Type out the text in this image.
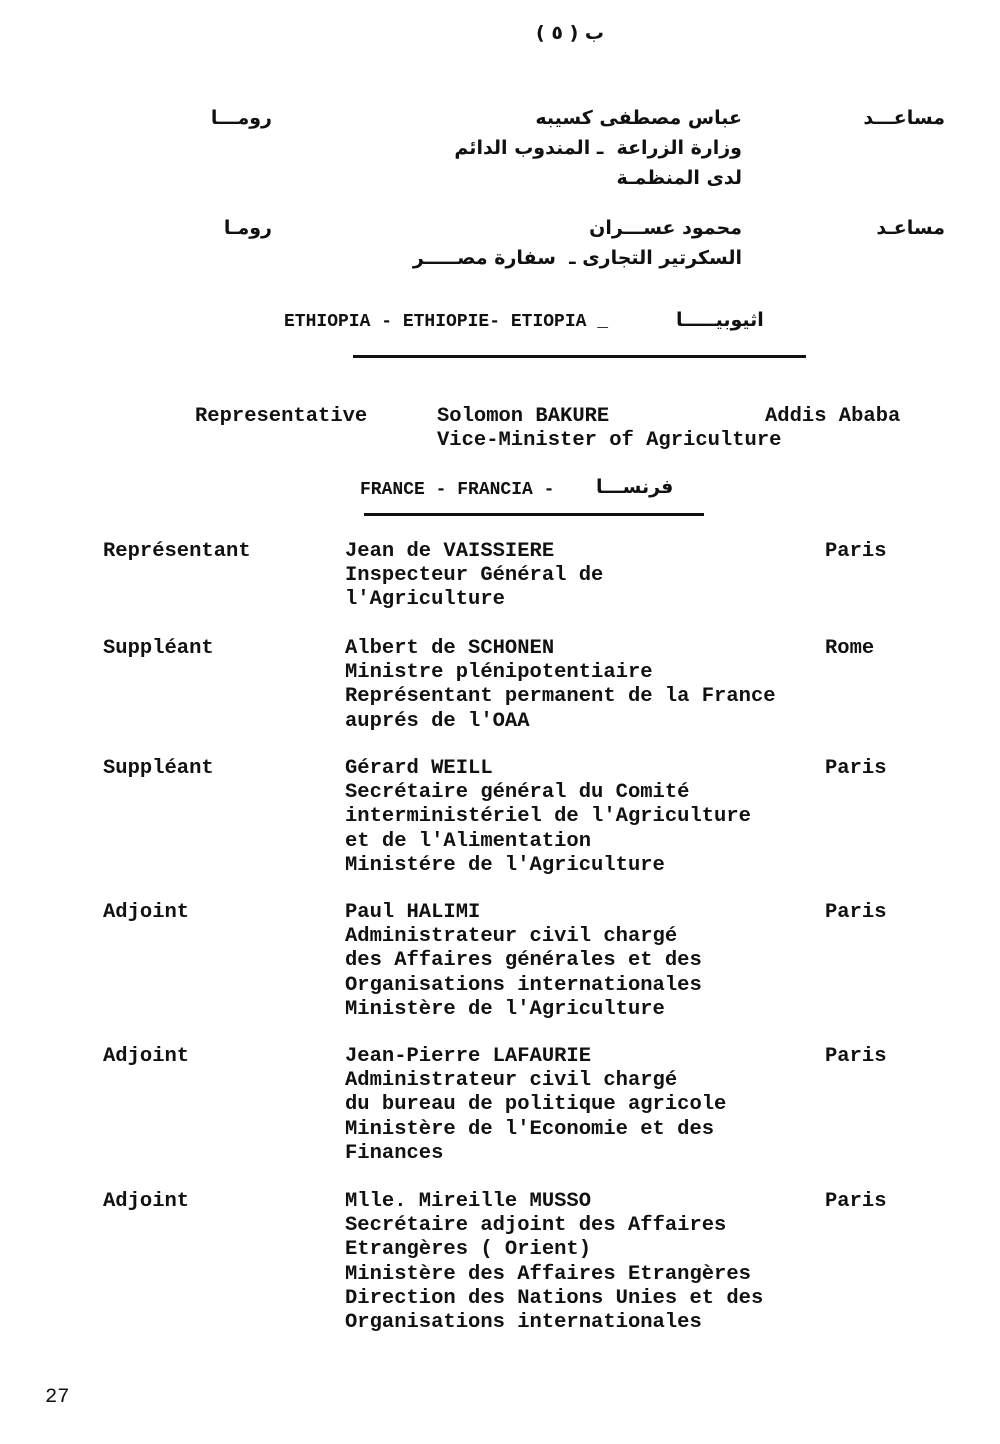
ب ( ٥ )
مساعـــد
عباس مصطفى كسيبه
وزارة الزراعة  ـ المندوب الدائم
لدى المنظمـة
رومـــا
مساعـد
محمود عســـران
السكرتير التجارى ـ  سفارة مصـــــر
رومـا
ETHIOPIA - ETHIOPIE- ETIOPIA _	اثيوبيـــــا
Representative	Solomon BAKURE
Vice-Minister of Agriculture
Addis Ababa
FRANCE - FRANCIA - فرنســـا
Représentant	Jean de VAISSIERE
Inspecteur Général de
l'Agriculture
Paris
Suppléant	Albert de SCHONEN
Ministre plénipotentiaire
Représentant permanent de la France
auprés de l'OAA
Rome
Suppléant	Gérard WEILL
Secrétaire général du Comité
interministériel de l'Agriculture
et de l'Alimentation
Ministére de l'Agriculture
Paris
Adjoint	Paul HALIMI
Administrateur civil chargé
des Affaires générales et des
Organisations internationales
Ministère de l'Agriculture
Paris
Adjoint	Jean-Pierre LAFAURIE
Administrateur civil chargé
du bureau de politique agricole
Ministère de l'Economie et des
Finances
Paris
Adjoint	Mlle. Mireille MUSSO
Secrétaire adjoint des Affaires
Etrangères ( Orient)
Ministère des Affaires Etrangères
Direction des Nations Unies et des
Organisations internationales
Paris
27
